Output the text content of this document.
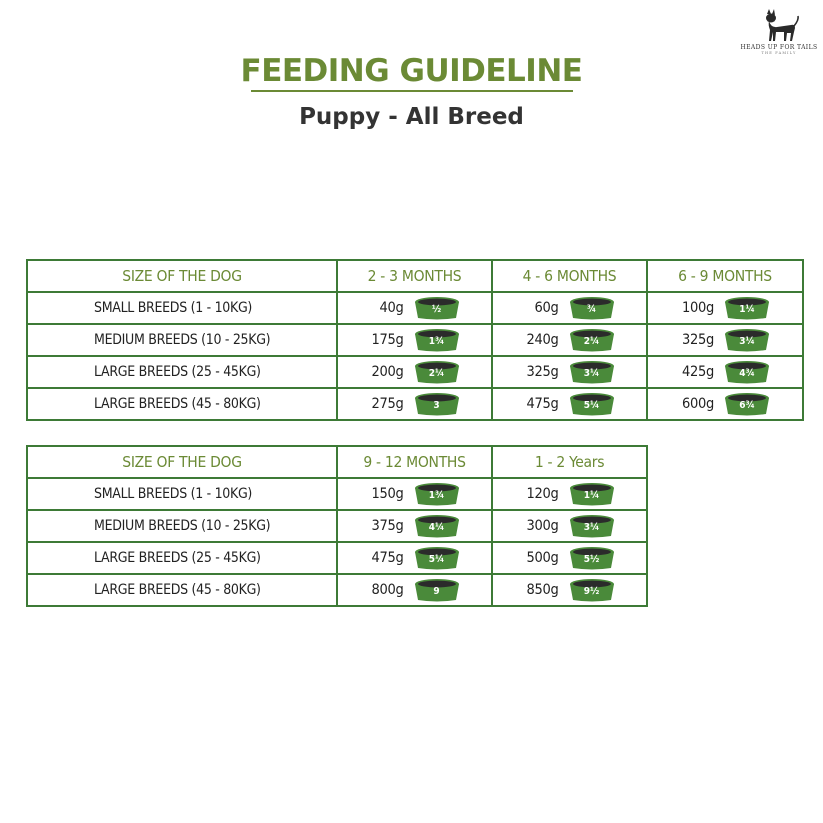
HEADS UP FOR TAILS
THE FAMILY
FEEDING GUIDELINE
Puppy - All Breed
SIZE OF THE DOG	2 - 3 MONTHS	4 - 6 MONTHS	6 - 9 MONTHS
SMALL BREEDS (1 - 10KG)	40g ½	60g ¾	100g 1¼

MEDIUM BREEDS (10 - 25KG)	175g 1¾	240g 2¼	325g 3¼

LARGE BREEDS (25 - 45KG)	200g 2¼	325g 3¼	425g 4¾

LARGE BREEDS (45 - 80KG)	275g 3	475g 5¼	600g 6¾
SIZE OF THE DOG	9 - 12 MONTHS	1 - 2 Years
SMALL BREEDS (1 - 10KG)	150g 1¾	120g 1¼

MEDIUM BREEDS (10 - 25KG)	375g 4¼	300g 3¼

LARGE BREEDS (25 - 45KG)	475g 5¼	500g 5½

LARGE BREEDS (45 - 80KG)	800g 9	850g 9½
